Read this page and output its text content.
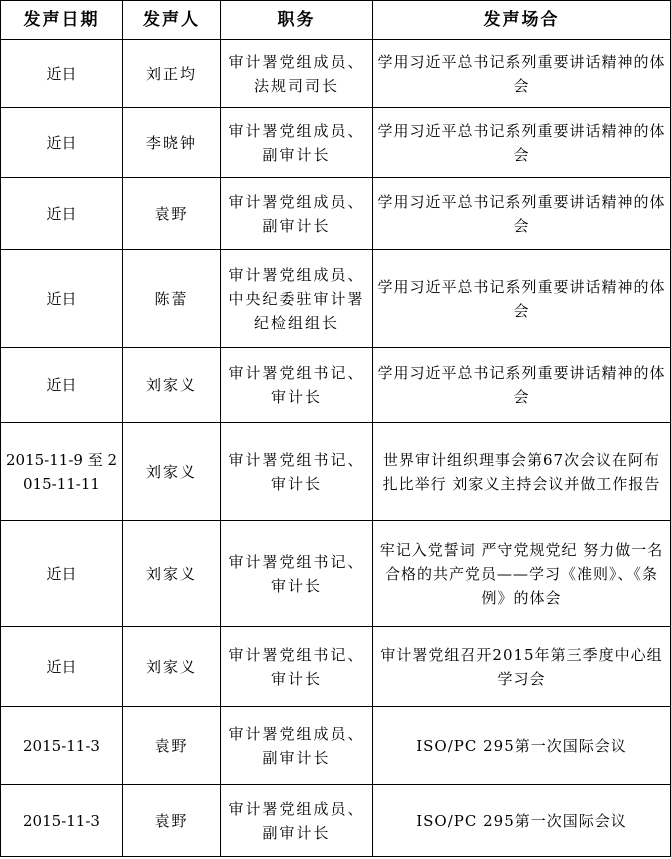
发声日期	发声人	职务	发声场合
近日	刘正均	审计署党组成员、法规司司长	学用习近平总书记系列重要讲话精神的体会
近日	李晓钟	审计署党组成员、副审计长	学用习近平总书记系列重要讲话精神的体会
近日	袁野	审计署党组成员、副审计长	学用习近平总书记系列重要讲话精神的体会
近日	陈蕾	审计署党组成员、中央纪委驻审计署纪检组组长	学用习近平总书记系列重要讲话精神的体会
近日	刘家义	审计署党组书记、审计长	学用习近平总书记系列重要讲话精神的体会
2015-11-9 至 2015-11-11	刘家义	审计署党组书记、审计长	世界审计组织理事会第67次会议在阿布扎比举行 刘家义主持会议并做工作报告
近日	刘家义	审计署党组书记、审计长	牢记入党誓词 严守党规党纪 努力做一名合格的共产党员——学习《准则》、《条例》的体会
近日	刘家义	审计署党组书记、审计长	审计署党组召开2015年第三季度中心组学习会
2015-11-3	袁野	审计署党组成员、副审计长	ISO/PC 295第一次国际会议
2015-11-3	袁野	审计署党组成员、副审计长	ISO/PC 295第一次国际会议
